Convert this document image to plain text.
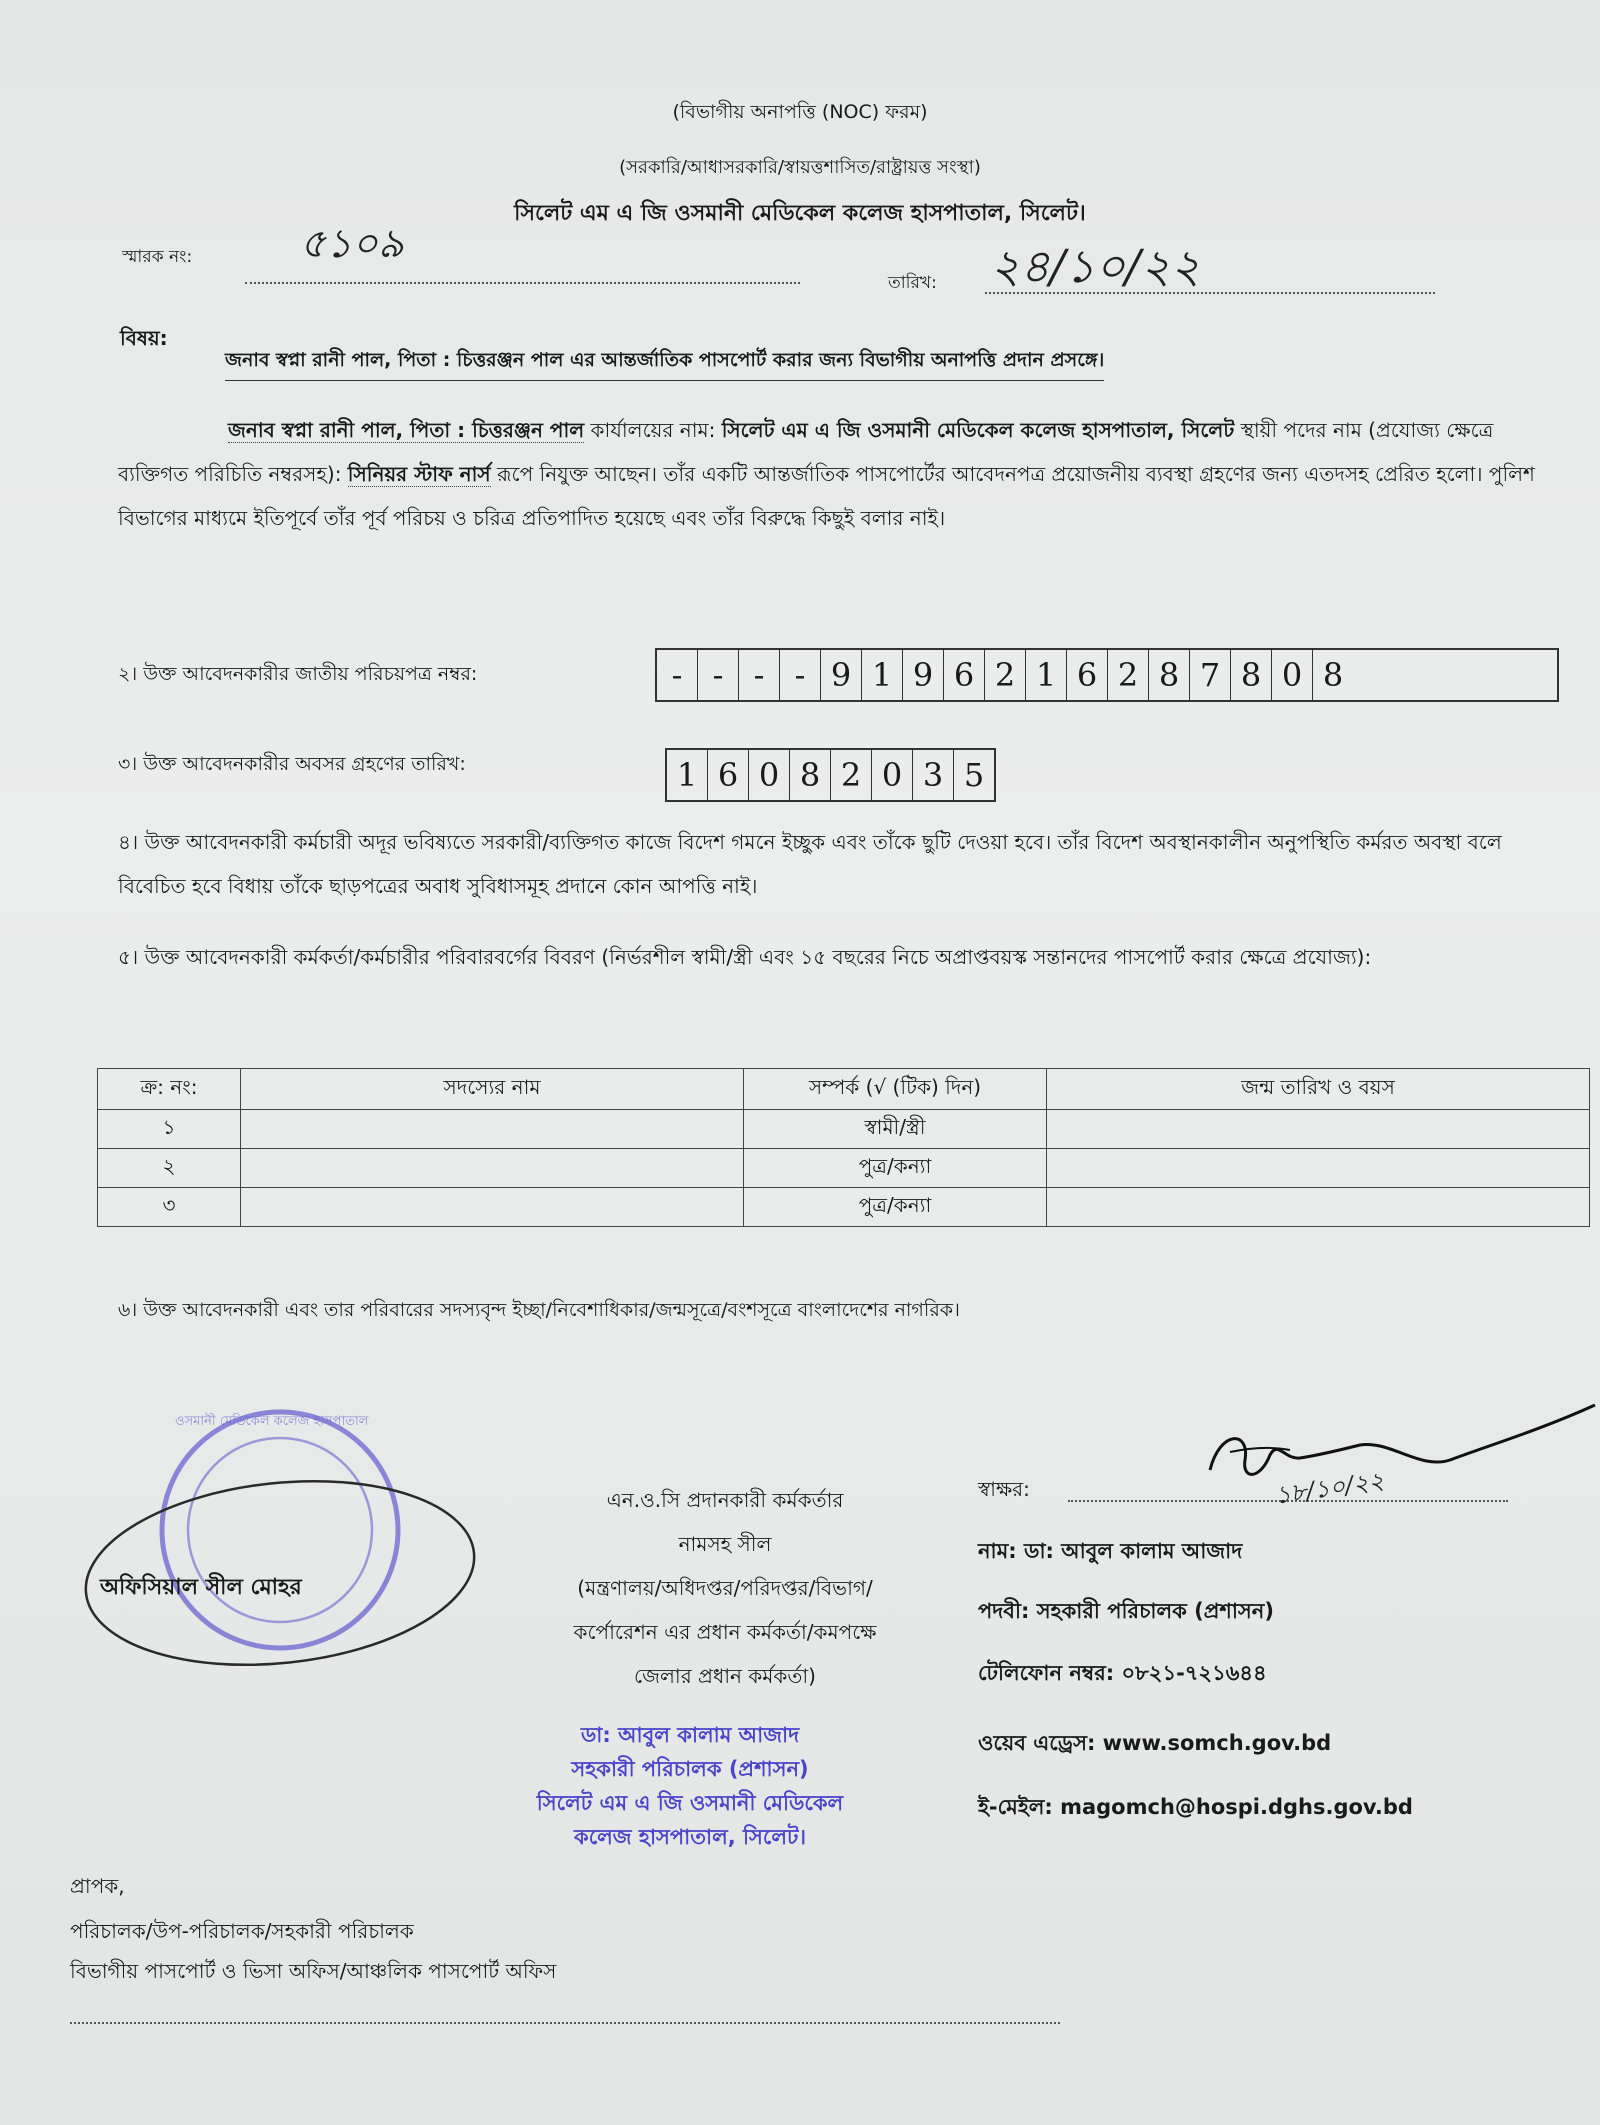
(বিভাগীয় অনাপত্তি (NOC) ফরম)
(সরকারি/আধাসরকারি/স্বায়ত্তশাসিত/রাষ্ট্রায়ত্ত সংস্থা)
সিলেট এম এ জি ওসমানী মেডিকেল কলেজ হাসপাতাল, সিলেট।
স্মারক নং:	৫১০৯
তারিখ: ২৪/১০/২২
বিষয়:
জনাব স্বপ্না রানী পাল, পিতা : চিত্তরঞ্জন পাল এর আন্তর্জাতিক পাসপোর্ট করার জন্য বিভাগীয় অনাপত্তি প্রদান প্রসঙ্গে।
জনাব স্বপ্না রানী পাল, পিতা : চিত্তরঞ্জন পাল কার্যালয়ের নাম: সিলেট এম এ জি ওসমানী মেডিকেল কলেজ হাসপাতাল, সিলেট স্থায়ী পদের নাম (প্রযোজ্য ক্ষেত্রে ব্যক্তিগত পরিচিতি নম্বরসহ): সিনিয়র স্টাফ নার্স রূপে নিযুক্ত আছেন। তাঁর একটি আন্তর্জাতিক পাসপোর্টের আবেদনপত্র প্রয়োজনীয় ব্যবস্থা গ্রহণের জন্য এতদসহ প্রেরিত হলো। পুলিশ বিভাগের মাধ্যমে ইতিপূর্বে তাঁর পূর্ব পরিচয় ও চরিত্র প্রতিপাদিত হয়েছে এবং তাঁর বিরুদ্ধে কিছুই বলার নাই।
২। উক্ত আবেদনকারীর জাতীয় পরিচয়পত্র নম্বর:	- - - - 9 1 9 6 2 1 6 2 8 7 8 0 8
৩। উক্ত আবেদনকারীর অবসর গ্রহণের তারিখ:	1 6 0 8 2 0 3 5
৪। উক্ত আবেদনকারী কর্মচারী অদূর ভবিষ্যতে সরকারী/ব্যক্তিগত কাজে বিদেশ গমনে ইচ্ছুক এবং তাঁকে ছুটি দেওয়া হবে। তাঁর বিদেশ অবস্থানকালীন অনুপস্থিতি কর্মরত অবস্থা বলে বিবেচিত হবে বিধায় তাঁকে ছাড়পত্রের অবাধ সুবিধাসমূহ প্রদানে কোন আপত্তি নাই।
৫। উক্ত আবেদনকারী কর্মকর্তা/কর্মচারীর পরিবারবর্গের বিবরণ (নির্ভরশীল স্বামী/স্ত্রী এবং ১৫ বছরের নিচে অপ্রাপ্তবয়স্ক সন্তানদের পাসপোর্ট করার ক্ষেত্রে প্রযোজ্য):
ক্র: নং:	সদস্যের নাম	সম্পর্ক (√ (টিক) দিন)	জন্ম তারিখ ও বয়স
১		স্বামী/স্ত্রী	
২		পুত্র/কন্যা	
৩		পুত্র/কন্যা	
৬। উক্ত আবেদনকারী এবং তার পরিবারের সদস্যবৃন্দ ইচ্ছা/নিবেশাধিকার/জন্মসূত্রে/বংশসূত্রে বাংলাদেশের নাগরিক।
ওসমানী মেডিকেল কলেজ হাসপাতাল
অফিসিয়াল সীল মোহর
এন.ও.সি প্রদানকারী কর্মকর্তার
নামসহ সীল
(মন্ত্রণালয়/অধিদপ্তর/পরিদপ্তর/বিভাগ/
কর্পোরেশন এর প্রধান কর্মকর্তা/কমপক্ষে
জেলার প্রধান কর্মকর্তা)
ডা: আবুল কালাম আজাদ
সহকারী পরিচালক (প্রশাসন)
সিলেট এম এ জি ওসমানী মেডিকেল
কলেজ হাসপাতাল, সিলেট।
স্বাক্ষর:	১৮/১০/২২
নাম: ডা: আবুল কালাম আজাদ
পদবী: সহকারী পরিচালক (প্রশাসন)
টেলিফোন নম্বর: ০৮২১-৭২১৬৪৪
ওয়েব এড্রেস: www.somch.gov.bd
ই-মেইল: magomch@hospi.dghs.gov.bd
প্রাপক,
পরিচালক/উপ-পরিচালক/সহকারী পরিচালক
বিভাগীয় পাসপোর্ট ও ভিসা অফিস/আঞ্চলিক পাসপোর্ট অফিস
